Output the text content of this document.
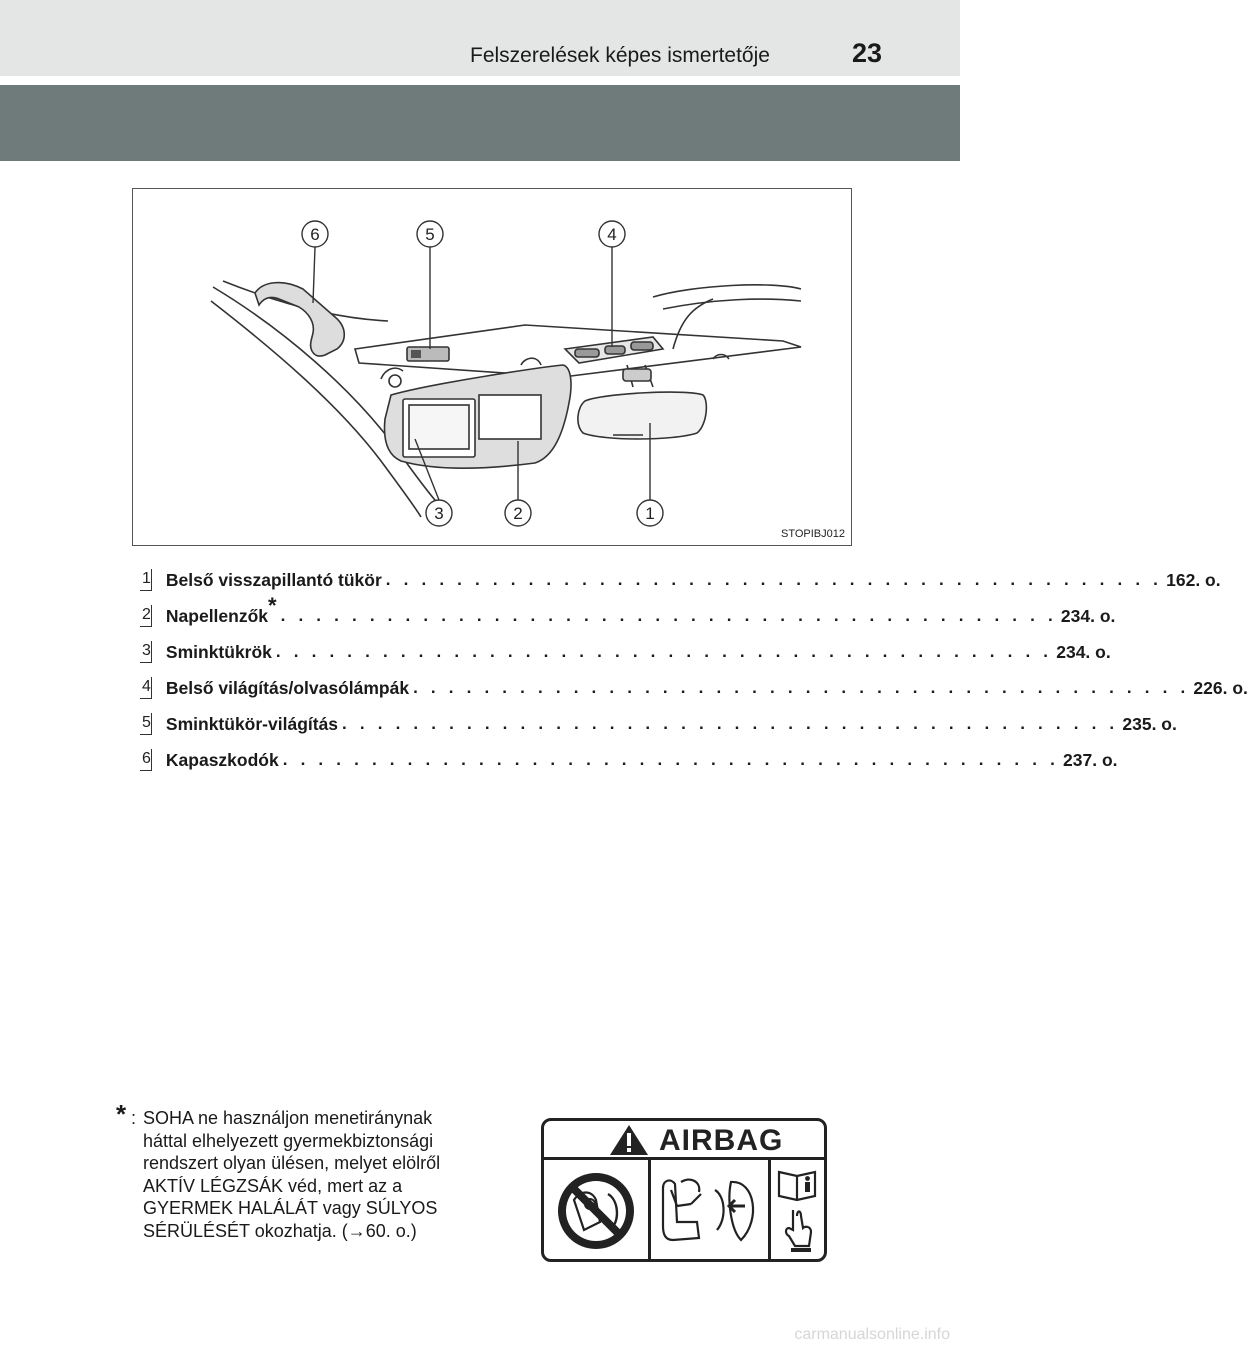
Felszerelések képes ismertetője	23
6	5	4
3	2	1
STOPIBJ012
1 Belső visszapillantó tükör . . . . . . . . . . . . . . . . . . . . . . . . . . . . . . . . . . . . . . . . . . . . 162. o.
2 Napellenzők* . . . . . . . . . . . . . . . . . . . . . . . . . . . . . . . . . . . . . . . . . . . . 234. o.
3 Sminktükrök . . . . . . . . . . . . . . . . . . . . . . . . . . . . . . . . . . . . . . . . . . . . 234. o.
4 Belső világítás/olvasólámpák . . . . . . . . . . . . . . . . . . . . . . . . . . . . . . . . . . . . . . . . . . . . 226. o.
5 Sminktükör-világítás . . . . . . . . . . . . . . . . . . . . . . . . . . . . . . . . . . . . . . . . . . . . 235. o.
6 Kapaszkodók . . . . . . . . . . . . . . . . . . . . . . . . . . . . . . . . . . . . . . . . . . . . 237. o.
* : SOHA ne használjon menetiránynak
háttal elhelyezett gyermekbiztonsági
rendszert olyan ülésen, melyet elölről
AKTÍV LÉGZSÁK véd, mert az a
GYERMEK HALÁLÁT vagy SÚLYOS
SÉRÜLÉSÉT okozhatja. (→60. o.)
AIRBAG
carmanualsonline.info
